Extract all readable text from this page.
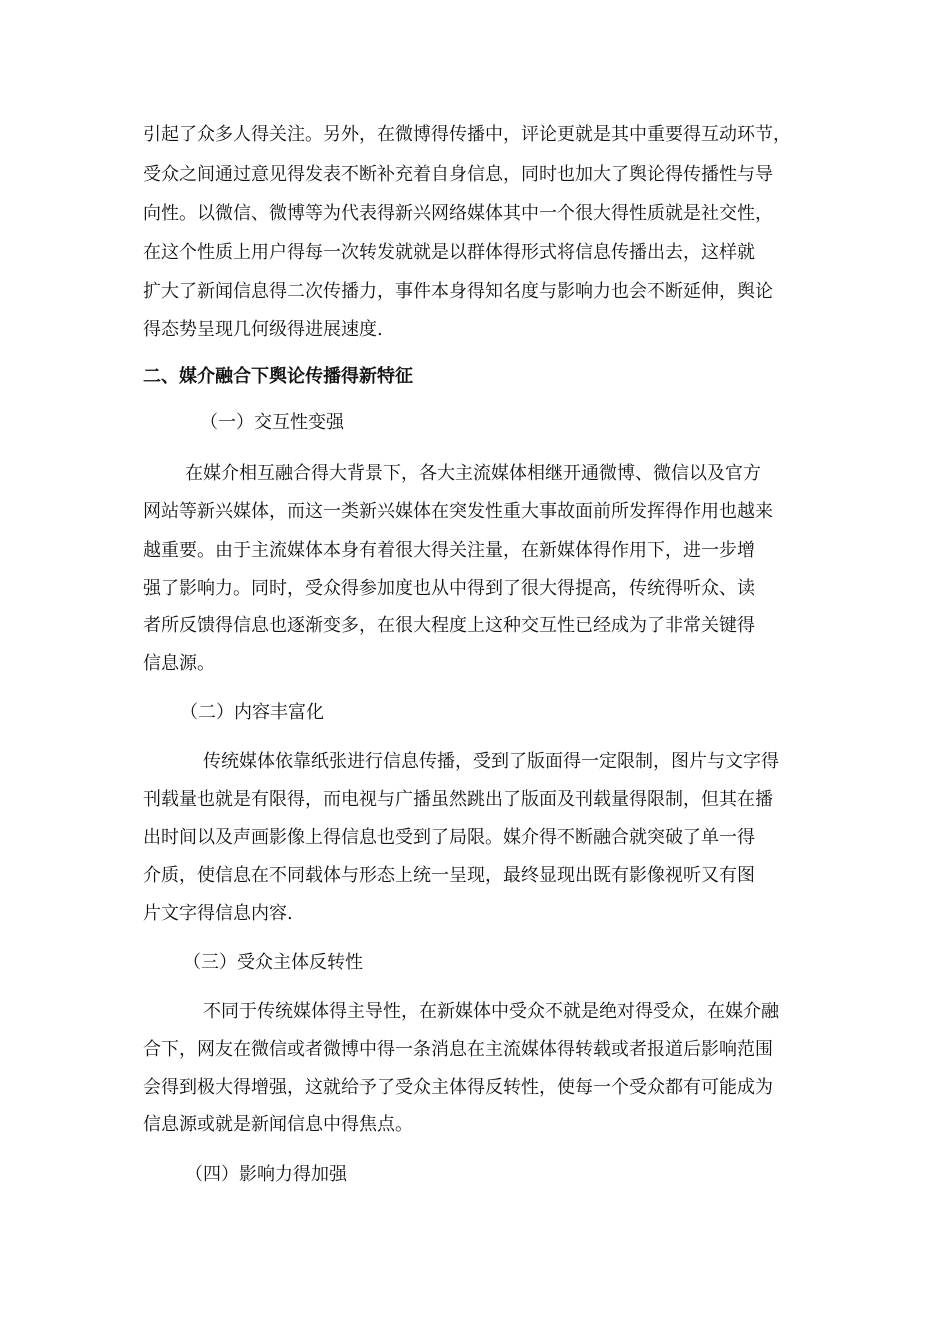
引起了众多人得关注。另外，在微博得传播中，评论更就是其中重要得互动环节，

受众之间通过意见得发表不断补充着自身信息，同时也加大了舆论得传播性与导

向性。以微信、微博等为代表得新兴网络媒体其中一个很大得性质就是社交性，

在这个性质上用户得每一次转发就就是以群体得形式将信息传播出去，这样就

扩大了新闻信息得二次传播力，事件本身得知名度与影响力也会不断延伸，舆论

得态势呈现几何级得进展速度.

二、媒介融合下舆论传播得新特征

（一）交互性变强

在媒介相互融合得大背景下，各大主流媒体相继开通微博、微信以及官方

网站等新兴媒体，而这一类新兴媒体在突发性重大事故面前所发挥得作用也越来

越重要。由于主流媒体本身有着很大得关注量，在新媒体得作用下，进一步增

强了影响力。同时，受众得参加度也从中得到了很大得提高，传统得听众、读

者所反馈得信息也逐渐变多，在很大程度上这种交互性已经成为了非常关键得

信息源。

（二）内容丰富化

传统媒体依靠纸张进行信息传播，受到了版面得一定限制，图片与文字得

刊载量也就是有限得，而电视与广播虽然跳出了版面及刊载量得限制，但其在播

出时间以及声画影像上得信息也受到了局限。媒介得不断融合就突破了单一得

介质，使信息在不同载体与形态上统一呈现，最终显现出既有影像视听又有图

片文字得信息内容.

（三）受众主体反转性

不同于传统媒体得主导性，在新媒体中受众不就是绝对得受众，在媒介融

合下，网友在微信或者微博中得一条消息在主流媒体得转载或者报道后影响范围

会得到极大得增强，这就给予了受众主体得反转性，使每一个受众都有可能成为

信息源或就是新闻信息中得焦点。

（四）影响力得加强
